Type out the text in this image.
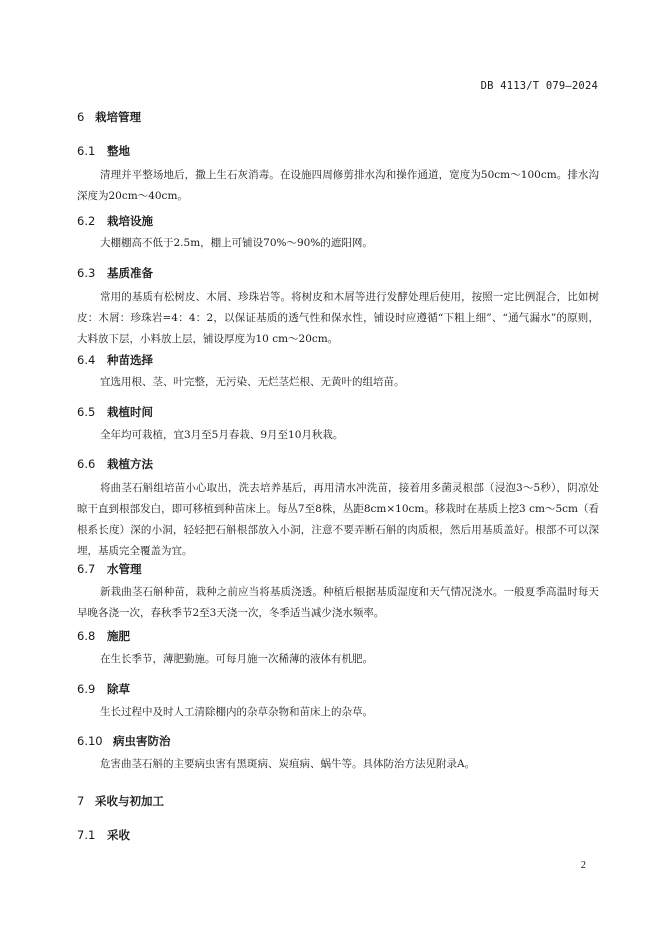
DB 4113/T 079—2024
6 栽培管理
6.1 整地
清理并平整场地后，撒上生石灰消毒。在设施四周修剪排水沟和操作通道，宽度为50cm～100cm。排水沟深度为20cm～40cm。
6.2 栽培设施
大棚棚高不低于2.5m，棚上可铺设70%～90%的遮阳网。
6.3 基质准备
常用的基质有松树皮、木屑、珍珠岩等。将树皮和木屑等进行发酵处理后使用，按照一定比例混合，比如树皮：木屑：珍珠岩=4：4：2，以保证基质的透气性和保水性，铺设时应遵循“下粗上细”、“通气漏水”的原则，大料放下层，小料放上层，铺设厚度为10 cm～20cm。
6.4 种苗选择
宜选用根、茎、叶完整，无污染、无烂茎烂根、无黄叶的组培苗。
6.5 栽植时间
全年均可栽植，宜3月至5月春栽、9月至10月秋栽。
6.6 栽植方法
将曲茎石斛组培苗小心取出，洗去培养基后，再用清水冲洗苗，接着用多菌灵根部（浸泡3～5秒），阴凉处晾干直到根部发白，即可移植到种苗床上。每丛7至8株，丛距8cm×10cm。移栽时在基质上挖3 cm～5cm（看根系长度）深的小洞，轻轻把石斛根部放入小洞，注意不要弄断石斛的肉质根，然后用基质盖好。根部不可以深埋，基质完全覆盖为宜。
6.7 水管理
新栽曲茎石斛种苗，栽种之前应当将基质浇透。种植后根据基质湿度和天气情况浇水。一般夏季高温时每天早晚各浇一次，春秋季节2至3天浇一次，冬季适当减少浇水频率。
6.8 施肥
在生长季节，薄肥勤施。可每月施一次稀薄的液体有机肥。
6.9 除草
生长过程中及时人工清除棚内的杂草杂物和苗床上的杂草。
6.10 病虫害防治
危害曲茎石斛的主要病虫害有黑斑病、炭疽病、蜗牛等。具体防治方法见附录A。
7 采收与初加工
7.1 采收
2
